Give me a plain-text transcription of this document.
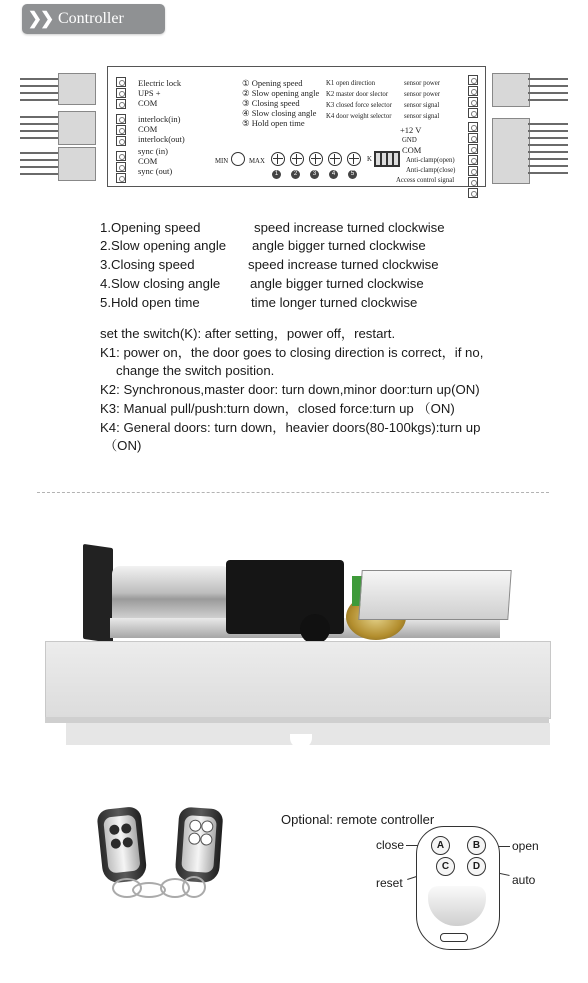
❯❯ Controller
Electric lock
UPS +
COM
interlock(in)
COM
interlock(out)
sync (in)
COM
sync (out)
① Opening speed
② Slow opening angle
③ Closing speed
④ Slow closing angle
⑤ Hold open time
K1 open direction
K2 master door slector
K3 closed force selector
K4 door weight selector
sensor power
sensor power
sensor signal
sensor signal
+12 V
GND
COM
Anti-clamp(open)
Anti-clamp(close)
Access control signal
MIN	MAX
1	2	3	4	5
K
1.Opening speed	speed increase turned clockwise
2.Slow opening angle angle bigger turned clockwise
3.Closing speed	speed increase turned clockwise
4.Slow closing angle angle bigger turned clockwise
5.Hold open time	time longer turned clockwise
set the switch(K): after setting，power off，restart.
K1: power on，the door goes to closing direction is correct，if no,
change the switch position.
K2: Synchronous,master door: turn down,minor door:turn up(ON)
K3: Manual pull/push:turn down，closed force:turn up （ON)
K4: General doors: turn down，heavier doors(80-100kgs):turn up
（ON)
Optional: remote controller
close	open
reset	auto
A	B
C	D
